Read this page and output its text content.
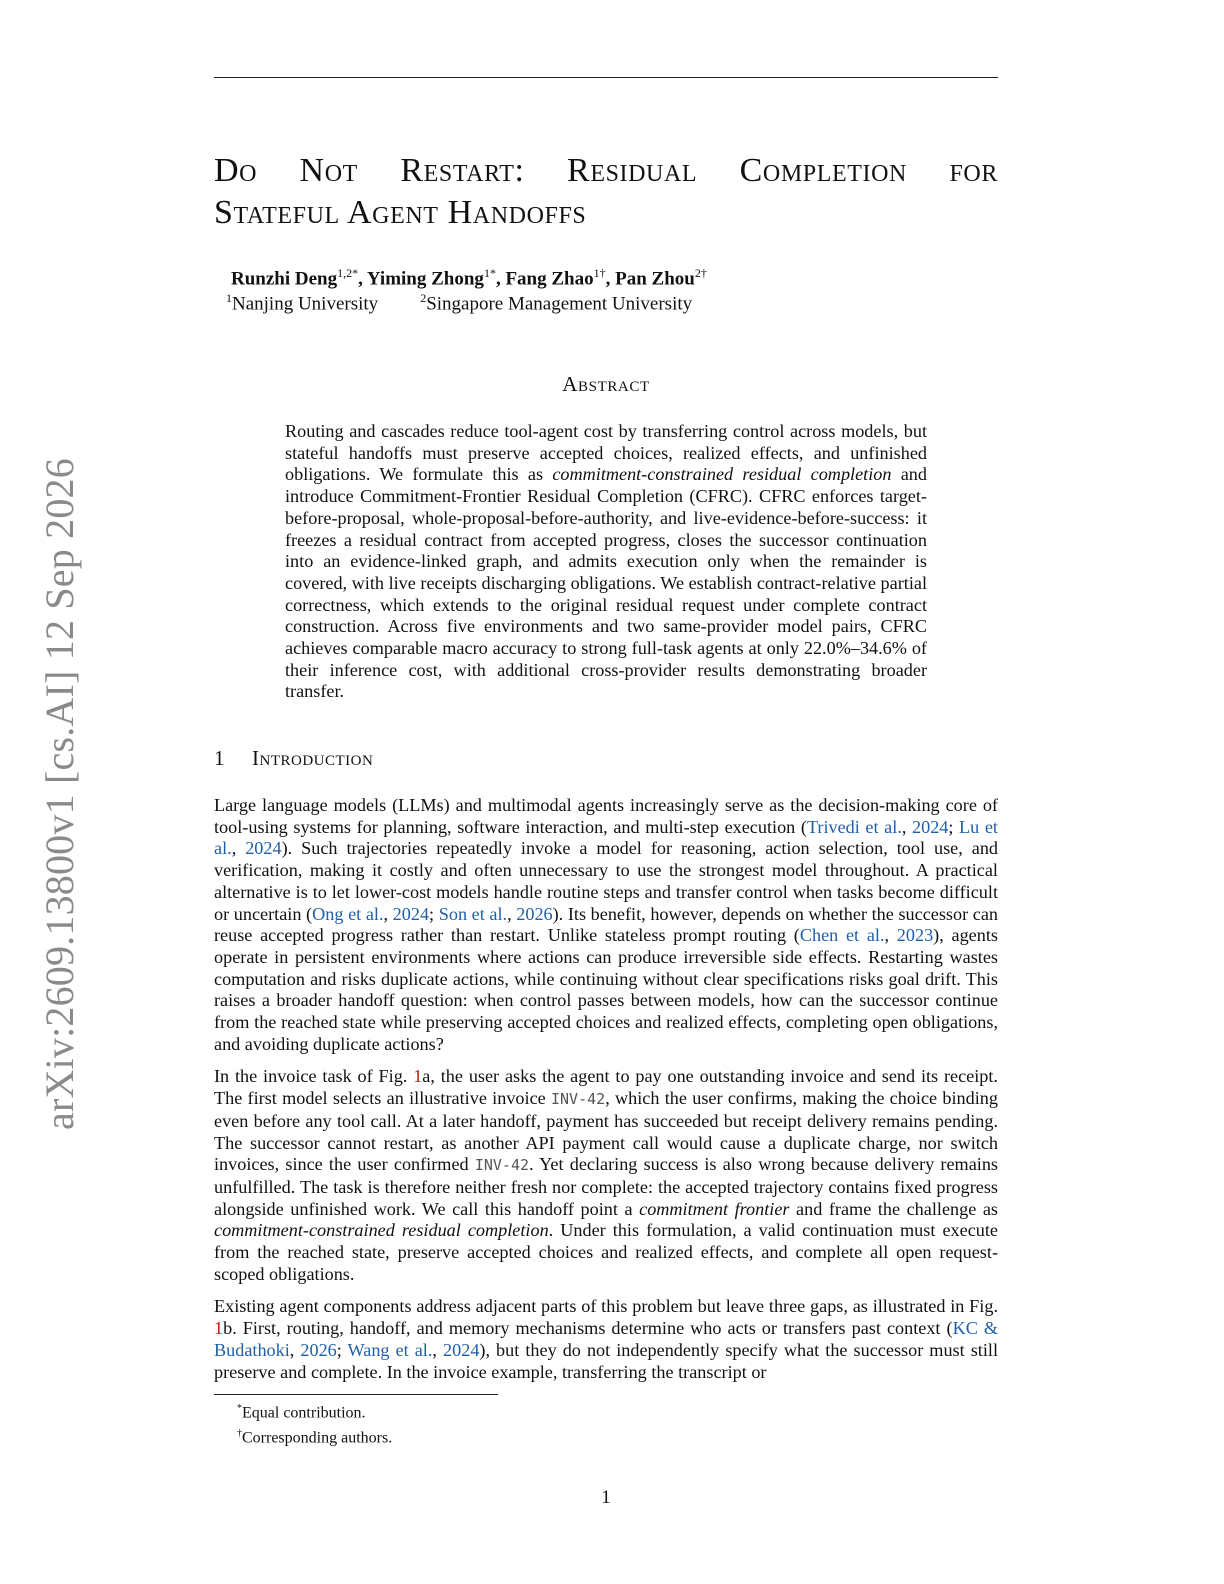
arXiv:2609.13800v1 [cs.AI] 12 Sep 2026
Do Not Restart: Residual Completion for
Stateful Agent Handoffs
Runzhi Deng$^{1,2*}$, Yiming Zhong$^{1*}$, Fang Zhao$^{1\dagger}$, Pan Zhou$^{2\dagger}$
$^1$Nanjing University	$^2$Singapore Management University
Abstract

Routing and cascades reduce tool-agent cost by transferring control across models, but stateful handoffs must preserve accepted choices, realized effects, and unfinished obligations. We formulate this as commitment-constrained residual completion and introduce Commitment-Frontier Residual Completion (CFRC). CFRC enforces target-before-proposal, whole-proposal-before-authority, and live-evidence-before-success: it freezes a residual contract from accepted progress, closes the successor continuation into an evidence-linked graph, and admits execution only when the remainder is covered, with live receipts discharging obligations. We establish contract-relative partial correctness, which extends to the original residual request under complete contract construction. Across five environments and two same-provider model pairs, CFRC achieves comparable macro accuracy to strong full-task agents at only 22.0%–34.6% of their inference cost, with additional cross-provider results demonstrating broader transfer.

1 Introduction

Large language models (LLMs) and multimodal agents increasingly serve as the decision-making core of tool-using systems for planning, software interaction, and multi-step execution (Trivedi et al., 2024; Lu et al., 2024). Such trajectories repeatedly invoke a model for reasoning, action selection, tool use, and verification, making it costly and often unnecessary to use the strongest model throughout. A practical alternative is to let lower-cost models handle routine steps and transfer control when tasks become difficult or uncertain (Ong et al., 2024; Son et al., 2026). Its benefit, however, depends on whether the successor can reuse accepted progress rather than restart. Unlike stateless prompt routing (Chen et al., 2023), agents operate in persistent environments where actions can produce irreversible side effects. Restarting wastes computation and risks duplicate actions, while continuing without clear specifications risks goal drift. This raises a broader handoff question: when control passes between models, how can the successor continue from the reached state while preserving accepted choices and realized effects, completing open obligations, and avoiding duplicate actions?

In the invoice task of Fig. 1a, the user asks the agent to pay one outstanding invoice and send its receipt. The first model selects an illustrative invoice INV-42, which the user confirms, making the choice binding even before any tool call. At a later handoff, payment has succeeded but receipt delivery remains pending. The successor cannot restart, as another API payment call would cause a duplicate charge, nor switch invoices, since the user confirmed INV-42. Yet declaring success is also wrong because delivery remains unfulfilled. The task is therefore neither fresh nor complete: the accepted trajectory contains fixed progress alongside unfinished work. We call this handoff point a commitment frontier and frame the challenge as commitment-constrained residual completion. Under this formulation, a valid continuation must execute from the reached state, preserve accepted choices and realized effects, and complete all open request-scoped obligations.

Existing agent components address adjacent parts of this problem but leave three gaps, as illustrated in Fig. 1b. First, routing, handoff, and memory mechanisms determine who acts or transfers past context (KC & Budathoki, 2026; Wang et al., 2024), but they do not independently specify what the successor must still preserve and complete. In the invoice example, transferring the transcript or

*Equal contribution.
†Corresponding authors.
1
